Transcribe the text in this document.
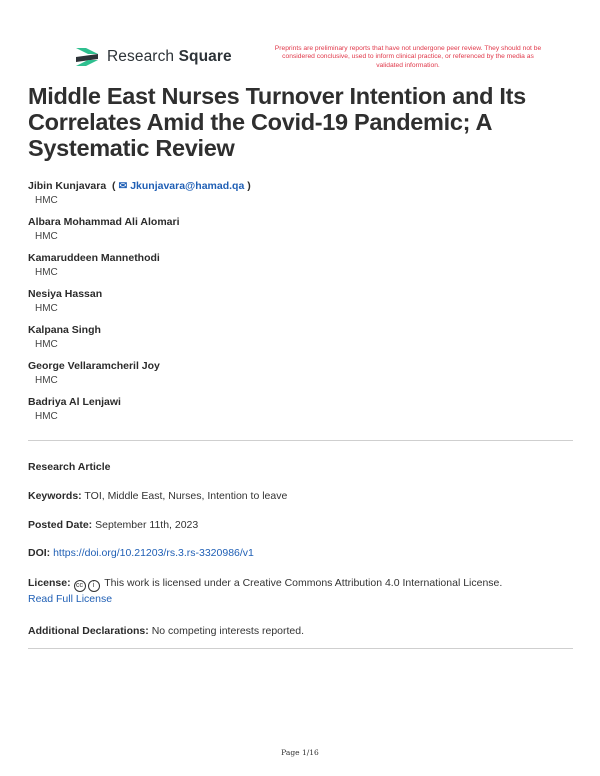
Research Square	Preprints are preliminary reports that have not undergone peer review. They should not be considered conclusive, used to inform clinical practice, or referenced by the media as validated information.
Middle East Nurses Turnover Intention and Its Correlates Amid the Covid-19 Pandemic; A Systematic Review
Jibin Kunjavara  ( ✉ Jkunjavara@hamad.qa )
HMC
Albara Mohammad Ali Alomari
HMC
Kamaruddeen Mannethodi
HMC
Nesiya Hassan
HMC
Kalpana Singh
HMC
George Vellaramcheril Joy
HMC
Badriya Al Lenjawi
HMC
Research Article
Keywords: TOI, Middle East, Nurses, Intention to leave
Posted Date: September 11th, 2023
DOI: https://doi.org/10.21203/rs.3.rs-3320986/v1
License: cc i This work is licensed under a Creative Commons Attribution 4.0 International License.
Read Full License
Additional Declarations: No competing interests reported.
Page 1/16
